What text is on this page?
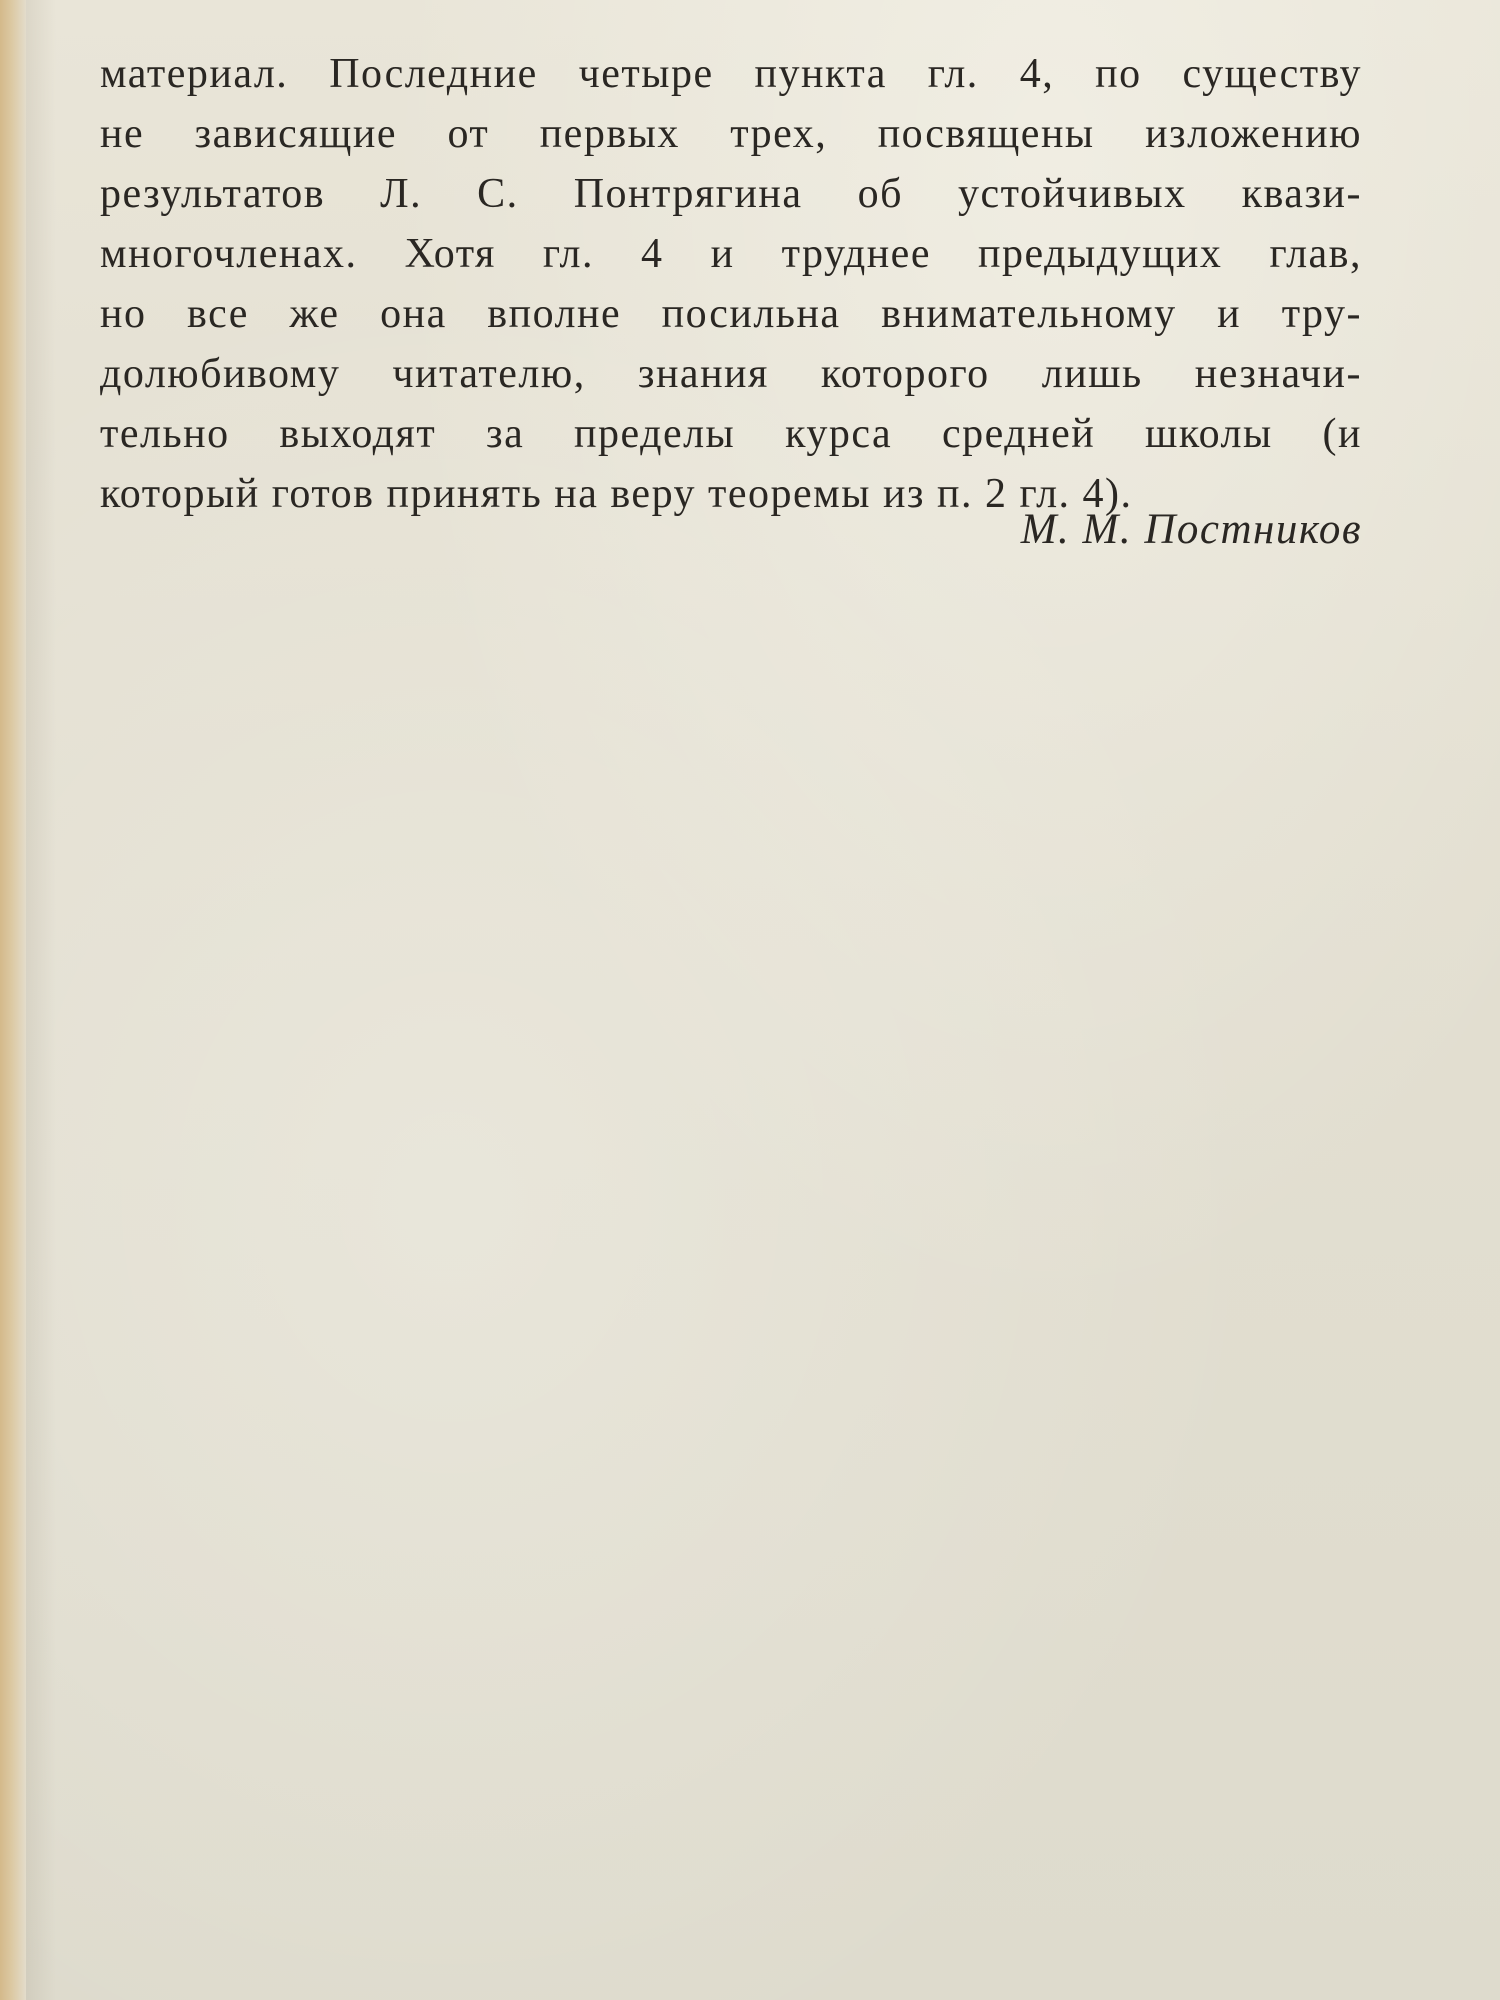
материал. Последние четыре пункта гл. 4, по существу
не зависящие от первых трех, посвящены изложению
результатов Л. С. Понтрягина об устойчивых квази-
многочленах. Хотя гл. 4 и труднее предыдущих глав,
но все же она вполне посильна внимательному и тру-
долюбивому читателю, знания которого лишь незначи-
тельно выходят за пределы курса средней школы (и
который готов принять на веру теоремы из п. 2 гл. 4).
М. М. Постников
